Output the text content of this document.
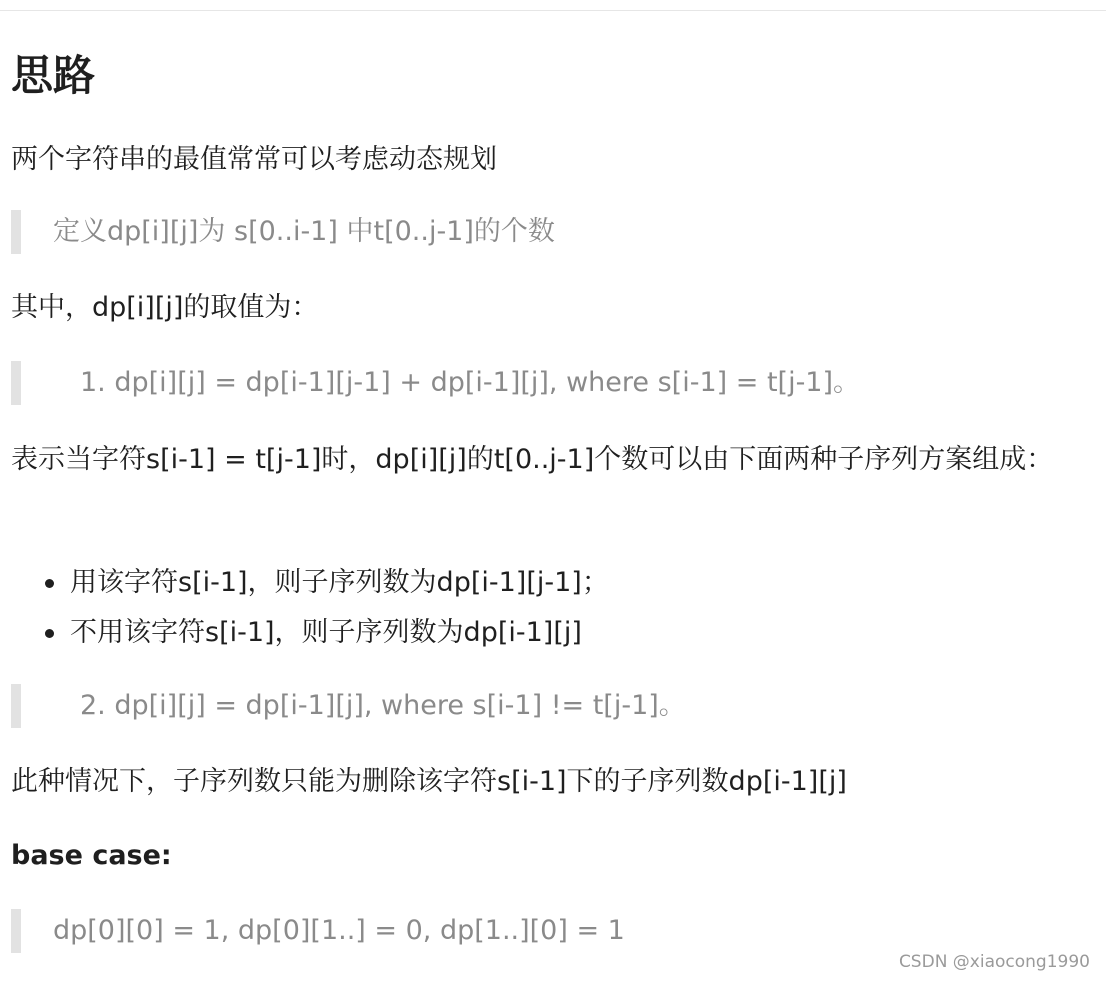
思路

两个字符串的最值常常可以考虑动态规划

定义dp[i][j]为 s[0..i-1] 中t[0..j-1]的个数

其中，dp[i][j]的取值为：

1. dp[i][j] = dp[i-1][j-1] + dp[i-1][j], where s[i-1] = t[j-1]。

表示当字符s[i-1] = t[j-1]时，dp[i][j]的t[0..j-1]个数可以由下面两种子序列方案组成：

用该字符s[i-1]，则子序列数为dp[i-1][j-1]；
不用该字符s[i-1]，则子序列数为dp[i-1][j]
2. dp[i][j] = dp[i-1][j], where s[i-1] != t[j-1]。

此种情况下，子序列数只能为删除该字符s[i-1]下的子序列数dp[i-1][j]

base case:

dp[0][0] = 1, dp[0][1..] = 0, dp[1..][0] = 1
CSDN @xiaocong1990
